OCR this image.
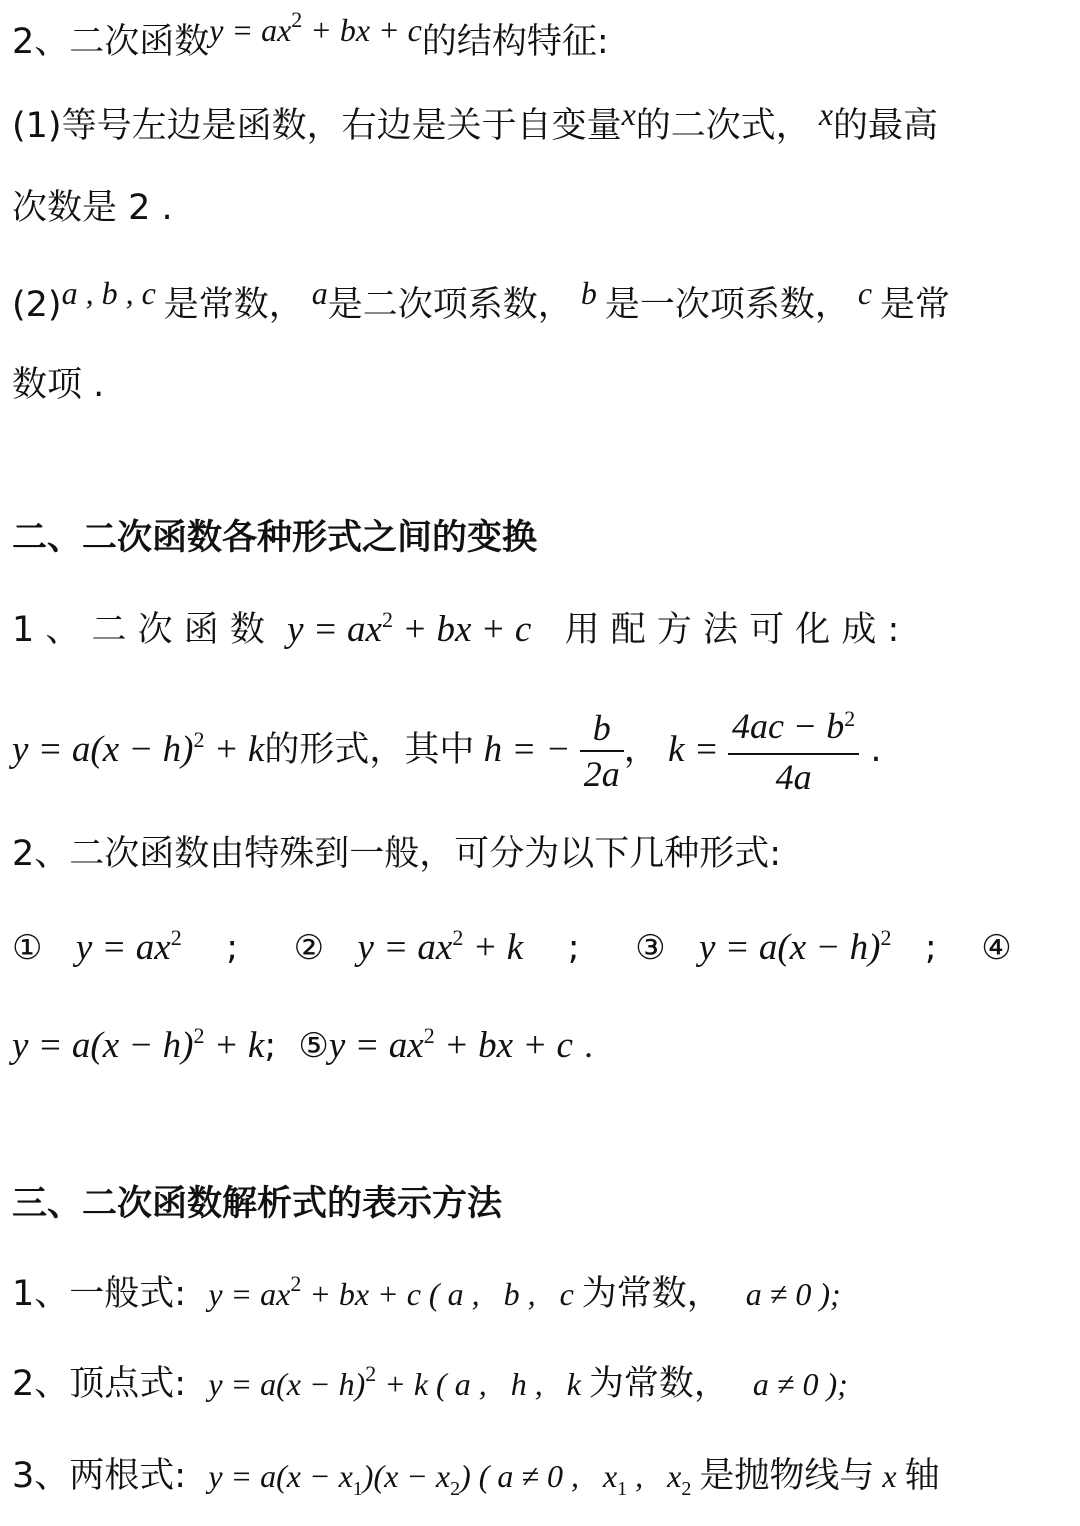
2、二次函数$y = ax^2$ + bx + c的结构特征:
(1)等号左边是函数，右边是关于自变量x的二次式， x的最高
次数是 2 .
(2)a , b , c 是常数， a是二次项系数， b 是一次项系数， c 是常
数项 .
二、二次函数各种形式之间的变换
1 、 二 次 函 数 $y = ax^2$ + bx + c 用 配 方 法 可 化 成 :
$y = a(x - h)^2 + k$的形式，其中 h = − $\frac{b}{2a}$ ， $k = \frac{4ac - b^2}{4a}$ .
2、二次函数由特殊到一般，可分为以下几种形式:
① $y = ax^2$ ; ② $y = ax^2 + k$ ; ③ $y = a(x - h)^2$ ; ④
$y = a(x - h)^2 + k$; ⑤y = $ax^2$ + bx + c .
三、二次函数解析式的表示方法
1、一般式: $y = ax^2$ + bx + c ( a ,   b ,   c 为常数，   a ≠ 0 );
2、顶点式: $y = a(x - h)^2 + k$ ( a ,   h ,   k 为常数，   a ≠ 0 );
3、两根式: $y = a(x - x_1)(x - x_2)$ ( a ≠ 0 ,   $x_1$ ,   $x_2$ 是抛物线与 x 轴
